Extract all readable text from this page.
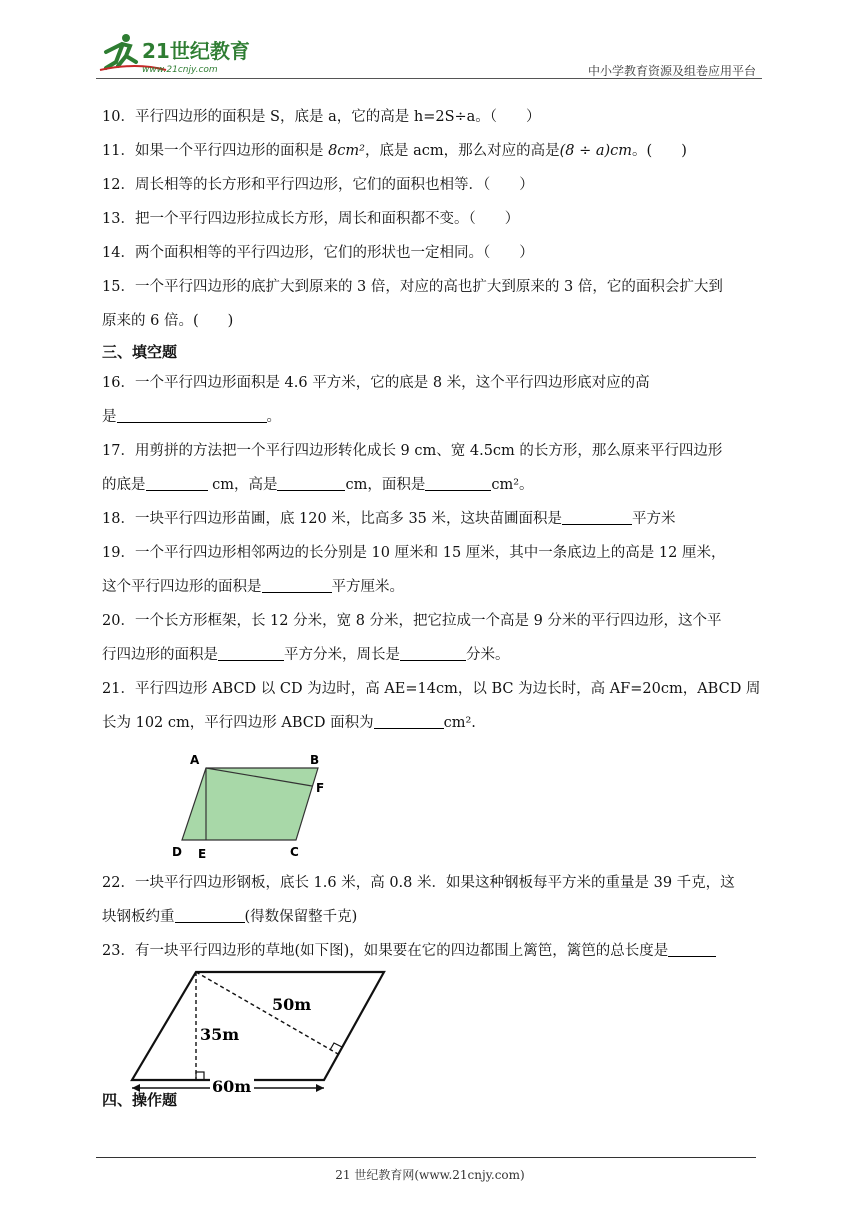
21世纪教育
www.21cnjy.com	中小学教育资源及组卷应用平台
10．平行四边形的面积是 S，底是 a，它的高是 h=2S÷a。（　　）
11．如果一个平行四边形的面积是 8cm²，底是 acm，那么对应的高是(8 ÷ a)cm。(　　)
12．周长相等的长方形和平行四边形，它们的面积也相等．（　　）
13．把一个平行四边形拉成长方形，周长和面积都不变。（　　）
14．两个面积相等的平行四边形，它们的形状也一定相同。（　　）
15．一个平行四边形的底扩大到原来的 3 倍，对应的高也扩大到原来的 3 倍，它的面积会扩大到
原来的 6 倍。(　　)
三、填空题
16．一个平行四边形面积是 4.6 平方米，它的底是 8 米，这个平行四边形底对应的高
是	。
17．用剪拼的方法把一个平行四边形转化成长 9 cm、宽 4.5cm 的长方形，那么原来平行四边形
的底是	cm，高是	cm，面积是	cm²。
18．一块平行四边形苗圃，底 120 米，比高多 35 米，这块苗圃面积是	平方米
19．一个平行四边形相邻两边的长分别是 10 厘米和 15 厘米，其中一条底边上的高是 12 厘米，
这个平行四边形的面积是	平方厘米。
20．一个长方形框架，长 12 分米，宽 8 分米，把它拉成一个高是 9 分米的平行四边形，这个平
行四边形的面积是	平方分米，周长是	分米。
21．平行四边形 ABCD 以 CD 为边时，高 AE=14cm，以 BC 为边长时，高 AF=20cm，ABCD 周
长为 102 cm，平行四边形 ABCD 面积为	cm².
A	B
F
C
D E
22．一块平行四边形钢板，底长 1.6 米，高 0.8 米．如果这种钢板每平方米的重量是 39 千克，这
块钢板约重	(得数保留整千克)
23．有一块平行四边形的草地(如下图)，如果要在它的四边都围上篱笆，篱笆的总长度是
50m
35m
60m
四、操作题
21 世纪教育网(www.21cnjy.com)
